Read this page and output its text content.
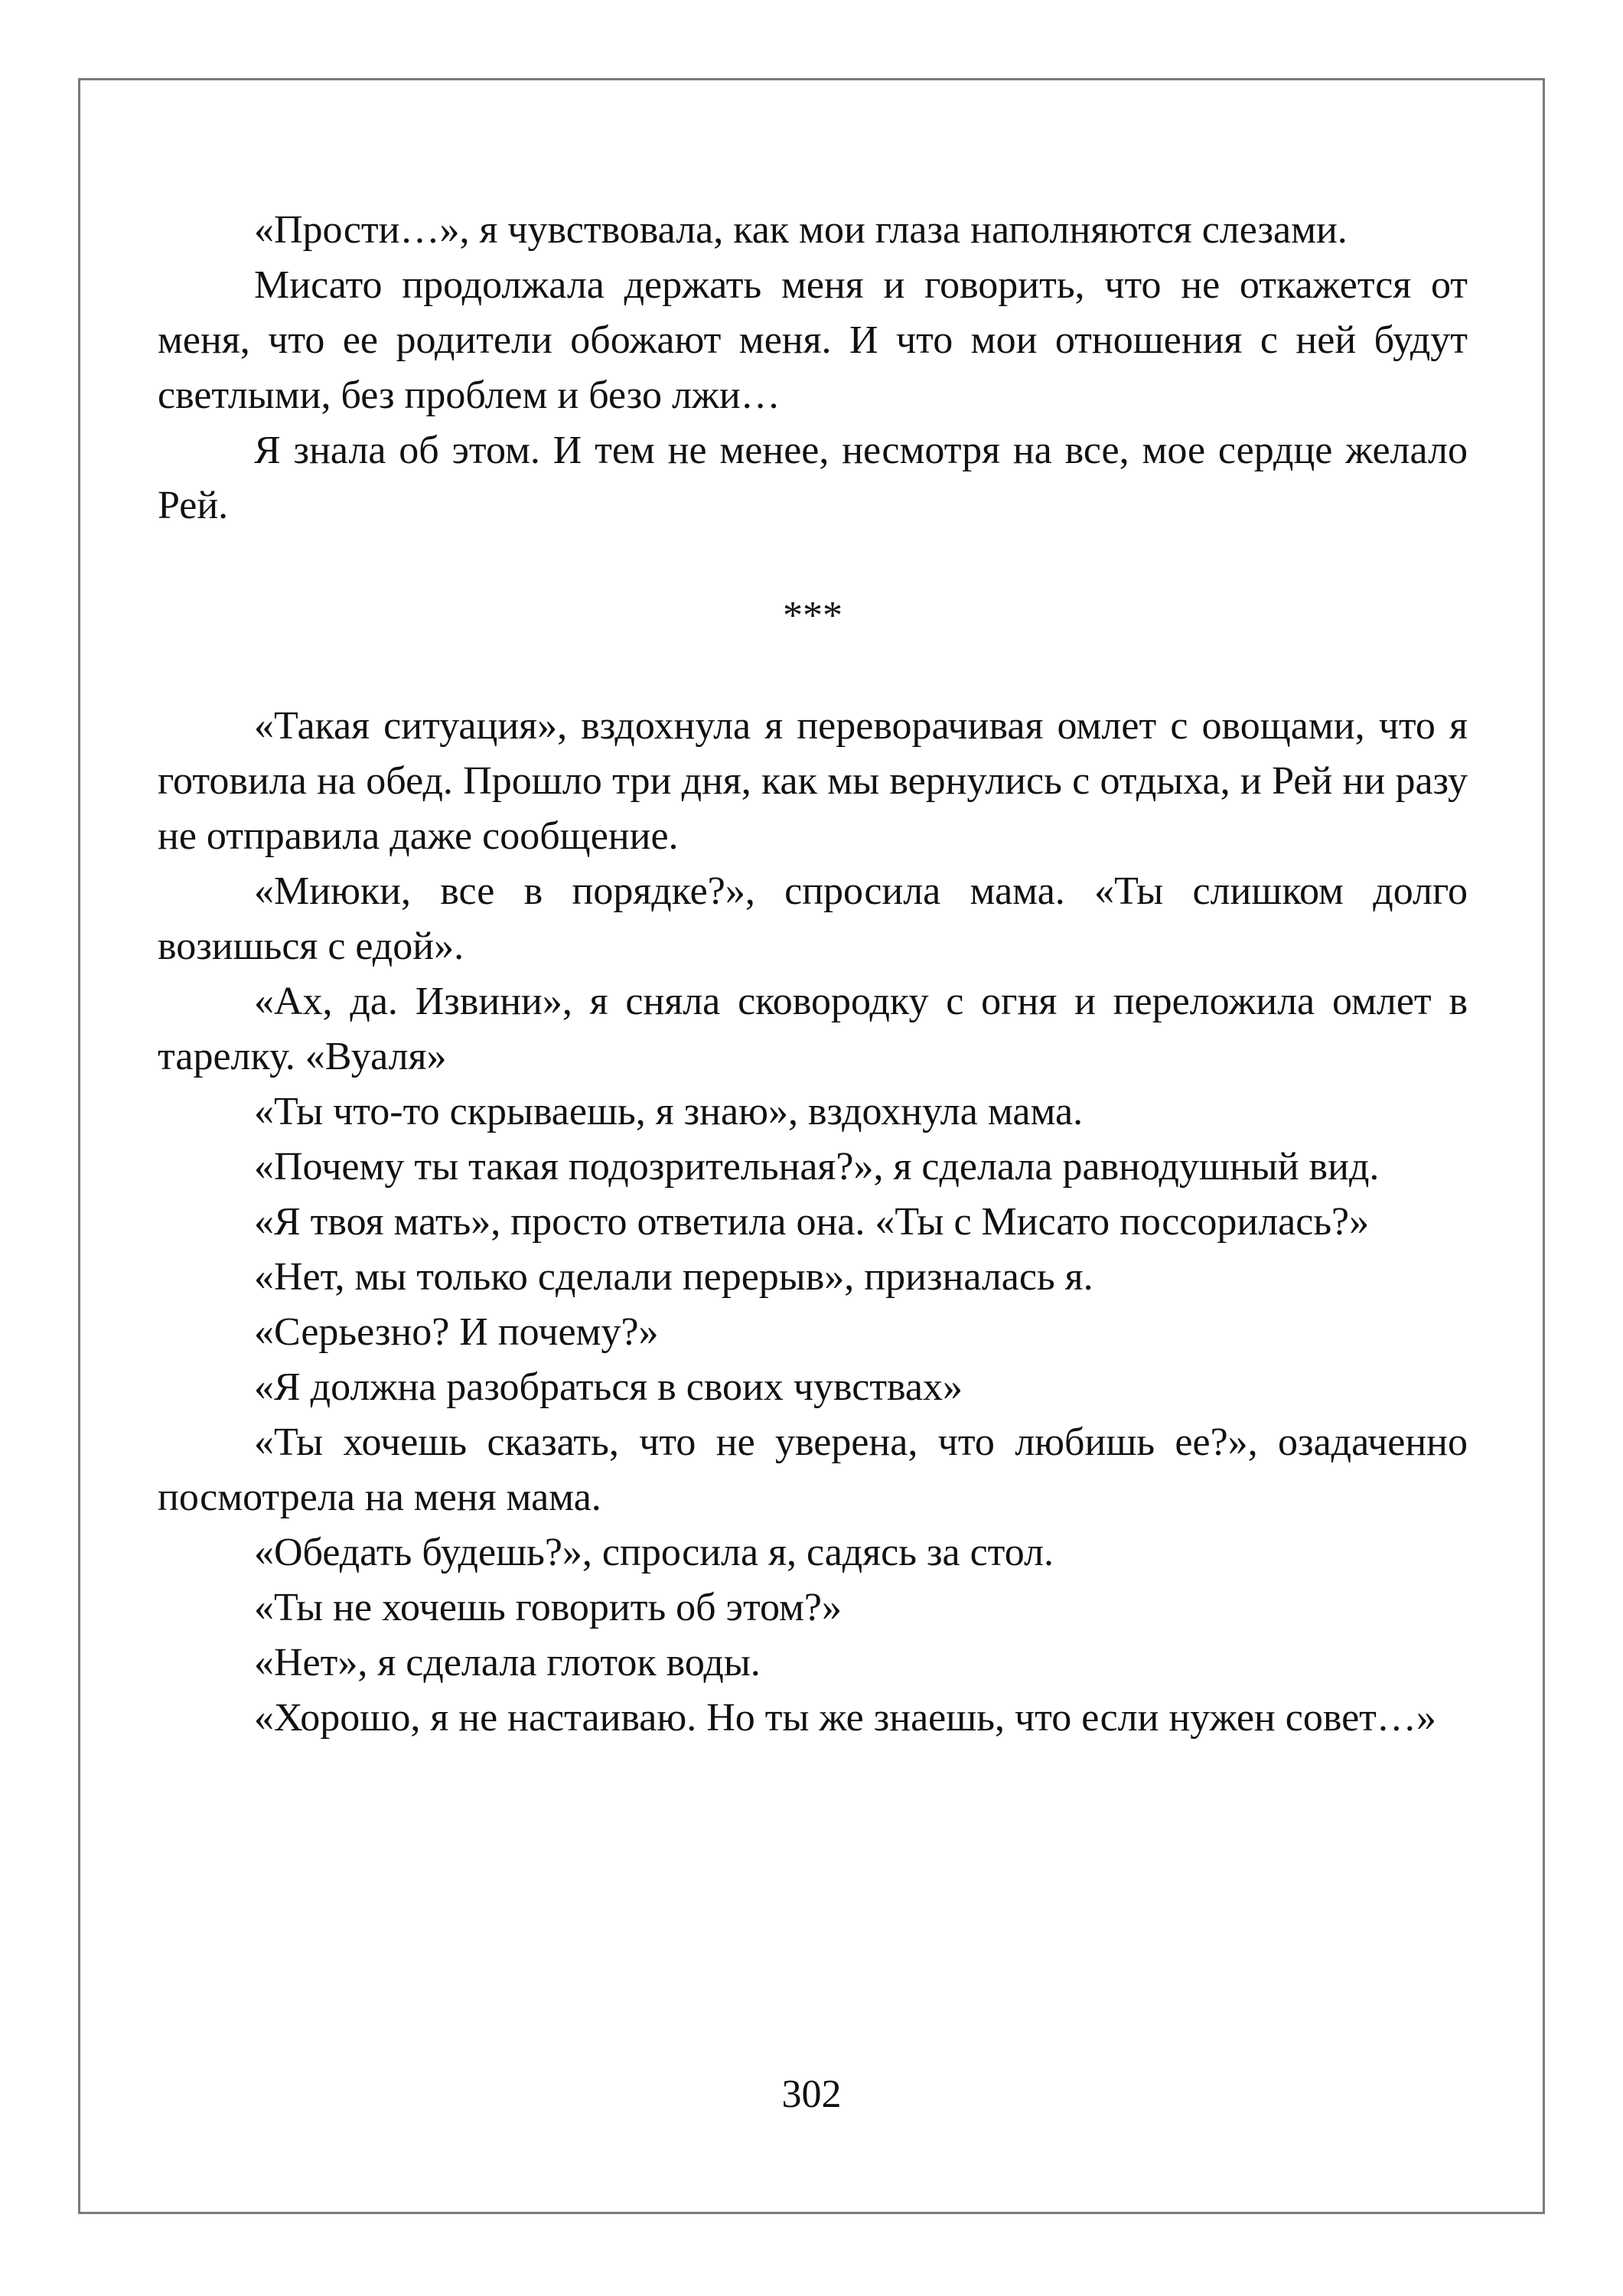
«Прости…», я чувствовала, как мои глаза наполняются слезами.

Мисато продолжала держать меня и говорить, что не откажется от меня, что ее родители обожают меня. И что мои отношения с ней будут светлыми, без проблем и безо лжи…

Я знала об этом. И тем не менее, несмотря на все, мое сердце желало Рей.

***

«Такая ситуация», вздохнула я переворачивая омлет с овощами, что я готовила на обед. Прошло три дня, как мы вернулись с отдыха, и Рей ни разу не отправила даже сообщение.

«Миюки, все в порядке?», спросила мама. «Ты слишком долго возишься с едой».

«Ах, да. Извини», я сняла сковородку с огня и переложила омлет в тарелку. «Вуаля»

«Ты что-то скрываешь, я знаю», вздохнула мама.

«Почему ты такая подозрительная?», я сделала равнодушный вид.

«Я твоя мать», просто ответила она. «Ты с Мисато поссорилась?»

«Нет, мы только сделали перерыв», призналась я.

«Серьезно? И почему?»

«Я должна разобраться в своих чувствах»

«Ты хочешь сказать, что не уверена, что любишь ее?», озадаченно посмотрела на меня мама.

«Обедать будешь?», спросила я, садясь за стол.

«Ты не хочешь говорить об этом?»

«Нет», я сделала глоток воды.

«Хорошо, я не настаиваю. Но ты же знаешь, что если нужен совет…»

302
